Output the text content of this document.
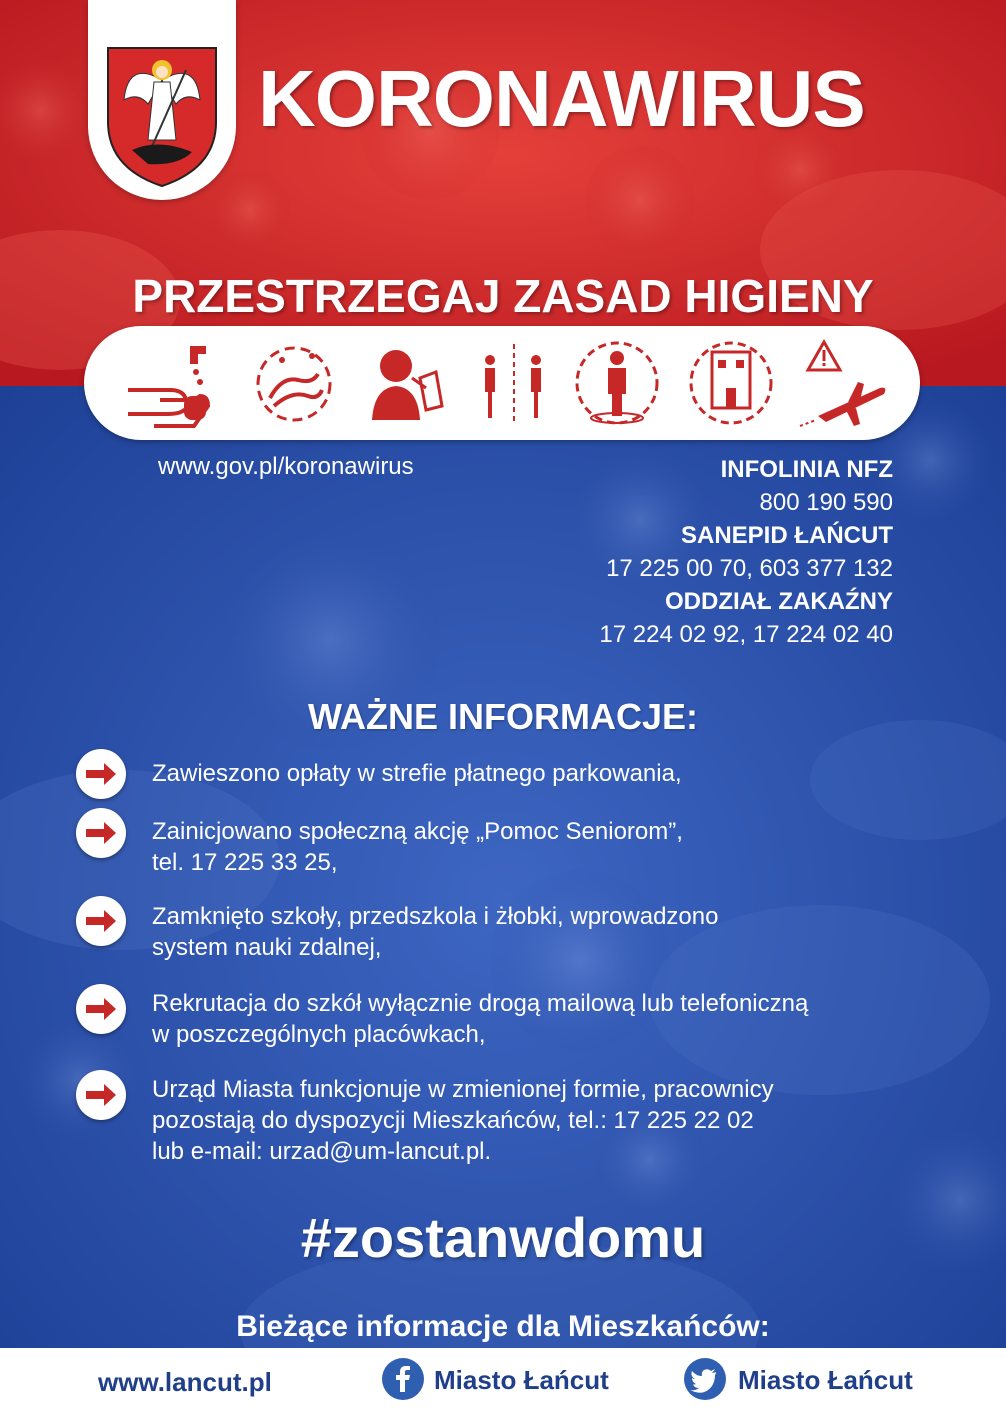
KORONAWIRUS
PRZESTRZEGAJ ZASAD HIGIENY
www.gov.pl/koronawirus	INFOLINIA NFZ
800 190 590
SANEPID ŁAŃCUT
17 225 00 70, 603 377 132
ODDZIAŁ ZAKAŹNY
17 224 02 92, 17 224 02 40
WAŻNE INFORMACJE:
Zawieszono opłaty w strefie płatnego parkowania,
Zainicjowano społeczną akcję „Pomoc Seniorom”,
tel. 17 225 33 25,
Zamknięto szkoły, przedszkola i żłobki, wprowadzono
system nauki zdalnej,
Rekrutacja do szkół wyłącznie drogą mailową lub telefoniczną
w poszczególnych placówkach,
Urząd Miasta funkcjonuje w zmienionej formie, pracownicy
pozostają do dyspozycji Mieszkańców, tel.: 17 225 22 02
lub e-mail: urzad@um-lancut.pl.
#zostanwdomu
Bieżące informacje dla Mieszkańców:
www.lancut.pl	Miasto Łańcut	Miasto Łańcut
